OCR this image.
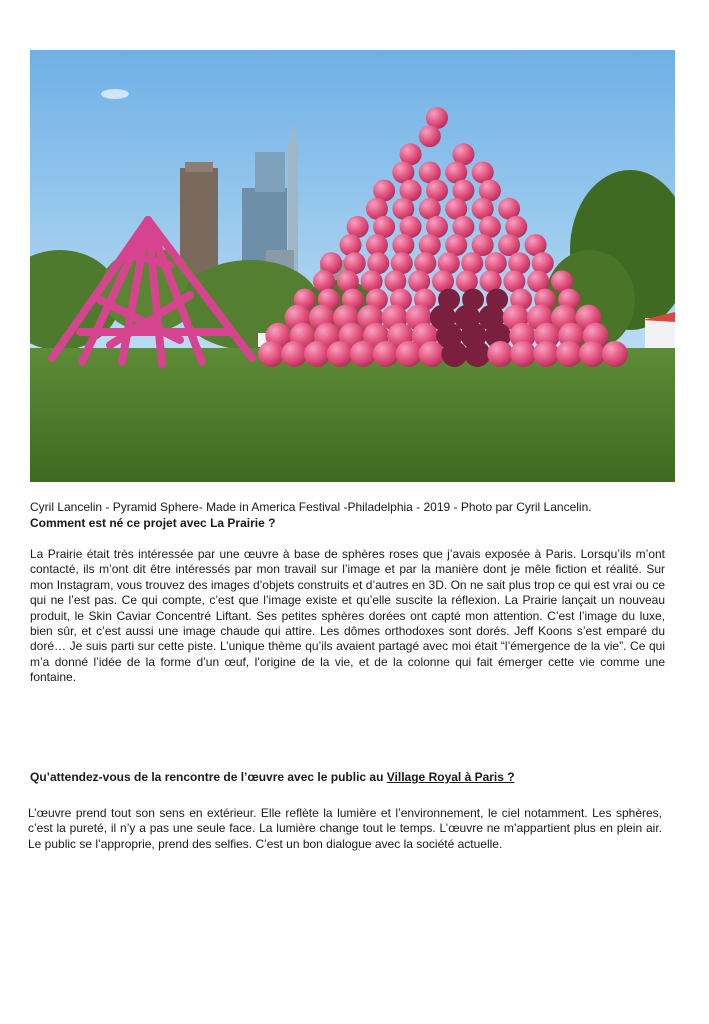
Cyril Lancelin - Pyramid Sphere- Made in America Festival -Philadelphia - 2019 - Photo par Cyril Lancelin.

Comment est né ce projet avec La Prairie ?

La Prairie était très intéressée par une œuvre à base de sphères roses que j’avais exposée à Paris. Lorsqu’ils m’ont contacté, ils m’ont dit être intéressés par mon travail sur l’image et par la manière dont je mêle fiction et réalité. Sur mon Instagram, vous trouvez des images d’objets construits et d’autres en 3D. On ne sait plus trop ce qui est vrai ou ce qui ne l’est pas. Ce qui compte, c’est que l’image existe et qu’elle suscite la réflexion. La Prairie lançait un nouveau produit, le Skin Caviar Concentré Liftant. Ses petites sphères dorées ont capté mon attention. C’est l’image du luxe, bien sûr, et c’est aussi une image chaude qui attire. Les dômes orthodoxes sont dorés. Jeff Koons s’est emparé du doré… Je suis parti sur cette piste. L’unique thème qu’ils avaient partagé avec moi était “l’émergence de la vie”. Ce qui m’a donné l’idée de la forme d’un œuf, l’origine de la vie, et de la colonne qui fait émerger cette vie comme une fontaine.

Qu’attendez-vous de la rencontre de l’œuvre avec le public au Village Royal à Paris ?

L’œuvre prend tout son sens en extérieur. Elle reflète la lumière et l’environnement, le ciel notamment. Les sphères, c’est la pureté, il n’y a pas une seule face. La lumière change tout le temps. L’œuvre ne m’appartient plus en plein air. Le public se l’approprie, prend des selfies. C’est un bon dialogue avec la société actuelle.
